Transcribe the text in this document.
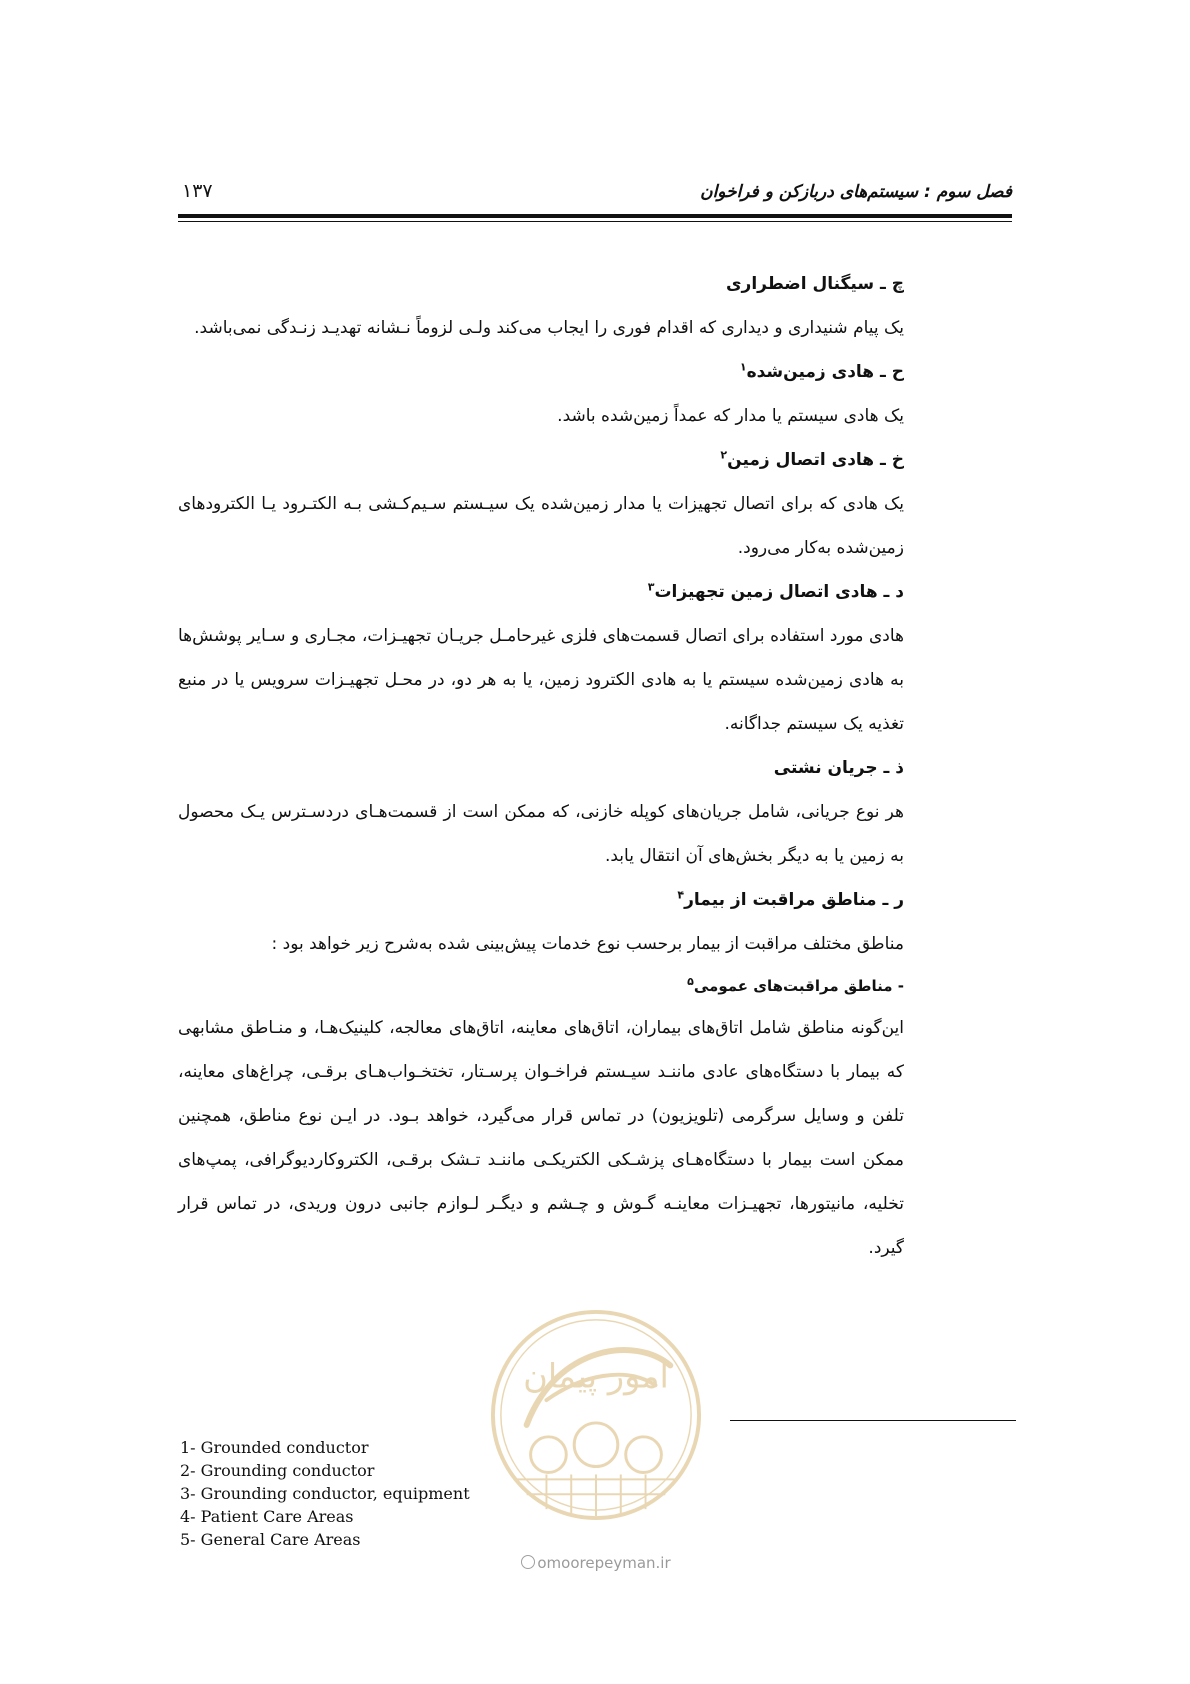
فصل سوم : سیستم‌های دربازکن و فراخوان
۱۳۷
چ ـ سیگنال اضطراری
یک پیام شنیداری و دیداری که اقدام فوری را ایجاب می‌کند ولـی لزوماً نـشانه تهدیـد زنـدگی نمی‌باشد.
ح ـ هادی زمین‌شده$^۱$
یک هادی سیستم یا مدار که عمداً زمین‌شده باشد.
خ ـ هادی اتصال زمین$^۲$
یک هادی که برای اتصال تجهیزات یا مدار زمین‌شده یک سیـستم سـیم‌کـشی بـه الکتـرود یـا الکترودهای زمین‌شده به‌کار می‌رود.
د ـ هادی اتصال زمین تجهیزات$^۳$
هادی مورد استفاده برای اتصال قسمت‌های فلزی غیرحامـل جریـان تجهیـزات، مجـاری و سـایر پوشش‌ها به هادی زمین‌شده سیستم یا به هادی الکترود زمین، یا به هر دو، در محـل تجهیـزات سرویس یا در منبع تغذیه یک سیستم جداگانه.
ذ ـ جریان نشتی
هر نوع جریانی، شامل جریان‌های کوپله خازنی، که ممکن است از قسمت‌هـای دردسـترس یـک محصول به زمین یا به دیگر بخش‌های آن انتقال یابد.
ر ـ مناطق مراقبت از بیمار$^۴$
مناطق مختلف مراقبت از بیمار برحسب نوع خدمات پیش‌بینی شده به‌شرح زیر خواهد بود :
- مناطق مراقبت‌های عمومی$^۵$
این‌گونه مناطق شامل اتاق‌های بیماران، اتاق‌های معاینه، اتاق‌های معالجه، کلینیک‌هـا، و منـاطق مشابهی که بیمار با دستگاه‌های عادی ماننـد سیـستم فراخـوان پرسـتار، تختخـواب‌هـای برقـی، چراغ‌های معاینه، تلفن و وسایل سرگرمی (تلویزیون) در تماس قرار می‌گیرد، خواهد بـود. در ایـن نوع مناطق، همچنین ممکن است بیمار با دستگاه‌هـای پزشـکی الکتریکـی ماننـد تـشک برقـی، الکتروکاردیوگرافی، پمپ‌های تخلیه، مانیتورها، تجهیـزات معاینـه گـوش و چـشم و دیگـر لـوازم جانبی درون وریدی، در تماس قرار گیرد.
امور پیمان
omoorepeyman.ir
1- Grounded conductor
2- Grounding conductor
3- Grounding conductor, equipment
4- Patient Care Areas
5- General Care Areas
